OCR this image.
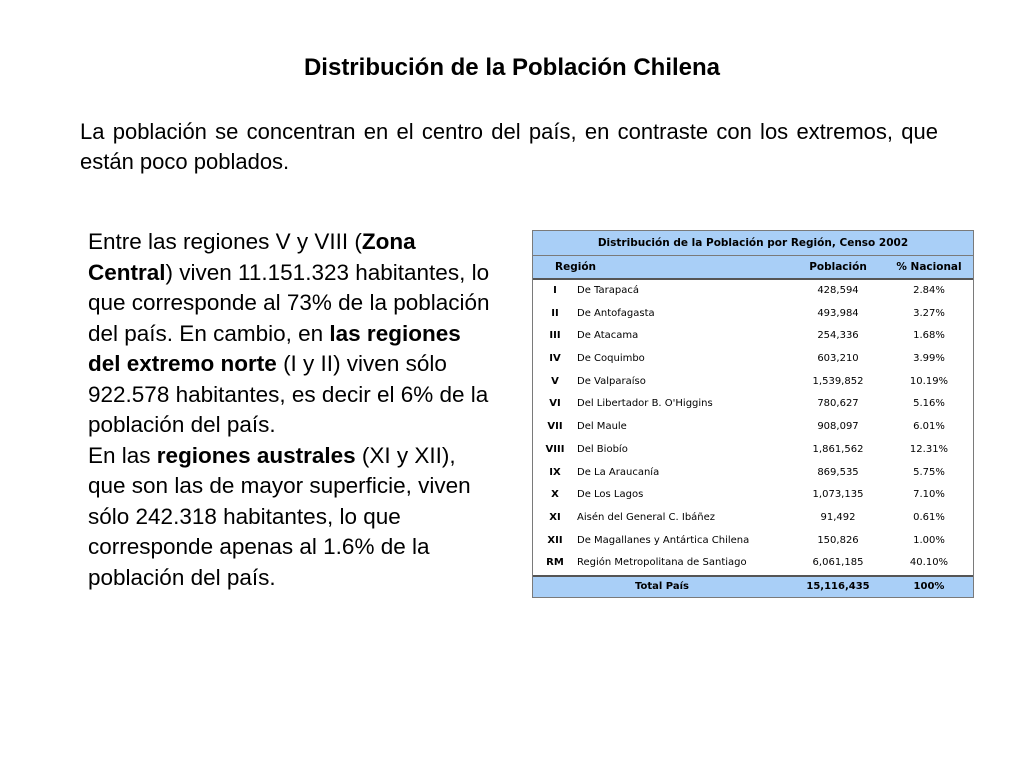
Distribución de la Población Chilena
La población se concentran en el centro del país, en contraste con los extremos, que están poco poblados.
Entre las regiones V y VIII (Zona Central) viven 11.151.323 habitantes, lo que corresponde al 73% de la población del país. En cambio, en las regiones del extremo norte (I y II) viven sólo 922.578 habitantes, es decir el 6% de la población del país.
En las regiones australes (XI y XII), que son las de mayor superficie, viven sólo 242.318 habitantes, lo que corresponde apenas al 1.6% de la población del país.
Distribución de la Población por Región, Censo 2002
Región	Población	% Nacional
I	De Tarapacá	428,594	2.84%
II	De Antofagasta	493,984	3.27%
III	De Atacama	254,336	1.68%
IV	De Coquimbo	603,210	3.99%
V	De Valparaíso	1,539,852	10.19%
VI	Del Libertador B. O'Higgins	780,627	5.16%
VII	Del Maule	908,097	6.01%
VIII	Del Biobío	1,861,562	12.31%
IX	De La Araucanía	869,535	5.75%
X	De Los Lagos	1,073,135	7.10%
XI	Aisén del General C. Ibáñez	91,492	0.61%
XII	De Magallanes y Antártica Chilena	150,826	1.00%
RM	Región Metropolitana de Santiago	6,061,185	40.10%
Total País	15,116,435	100%
